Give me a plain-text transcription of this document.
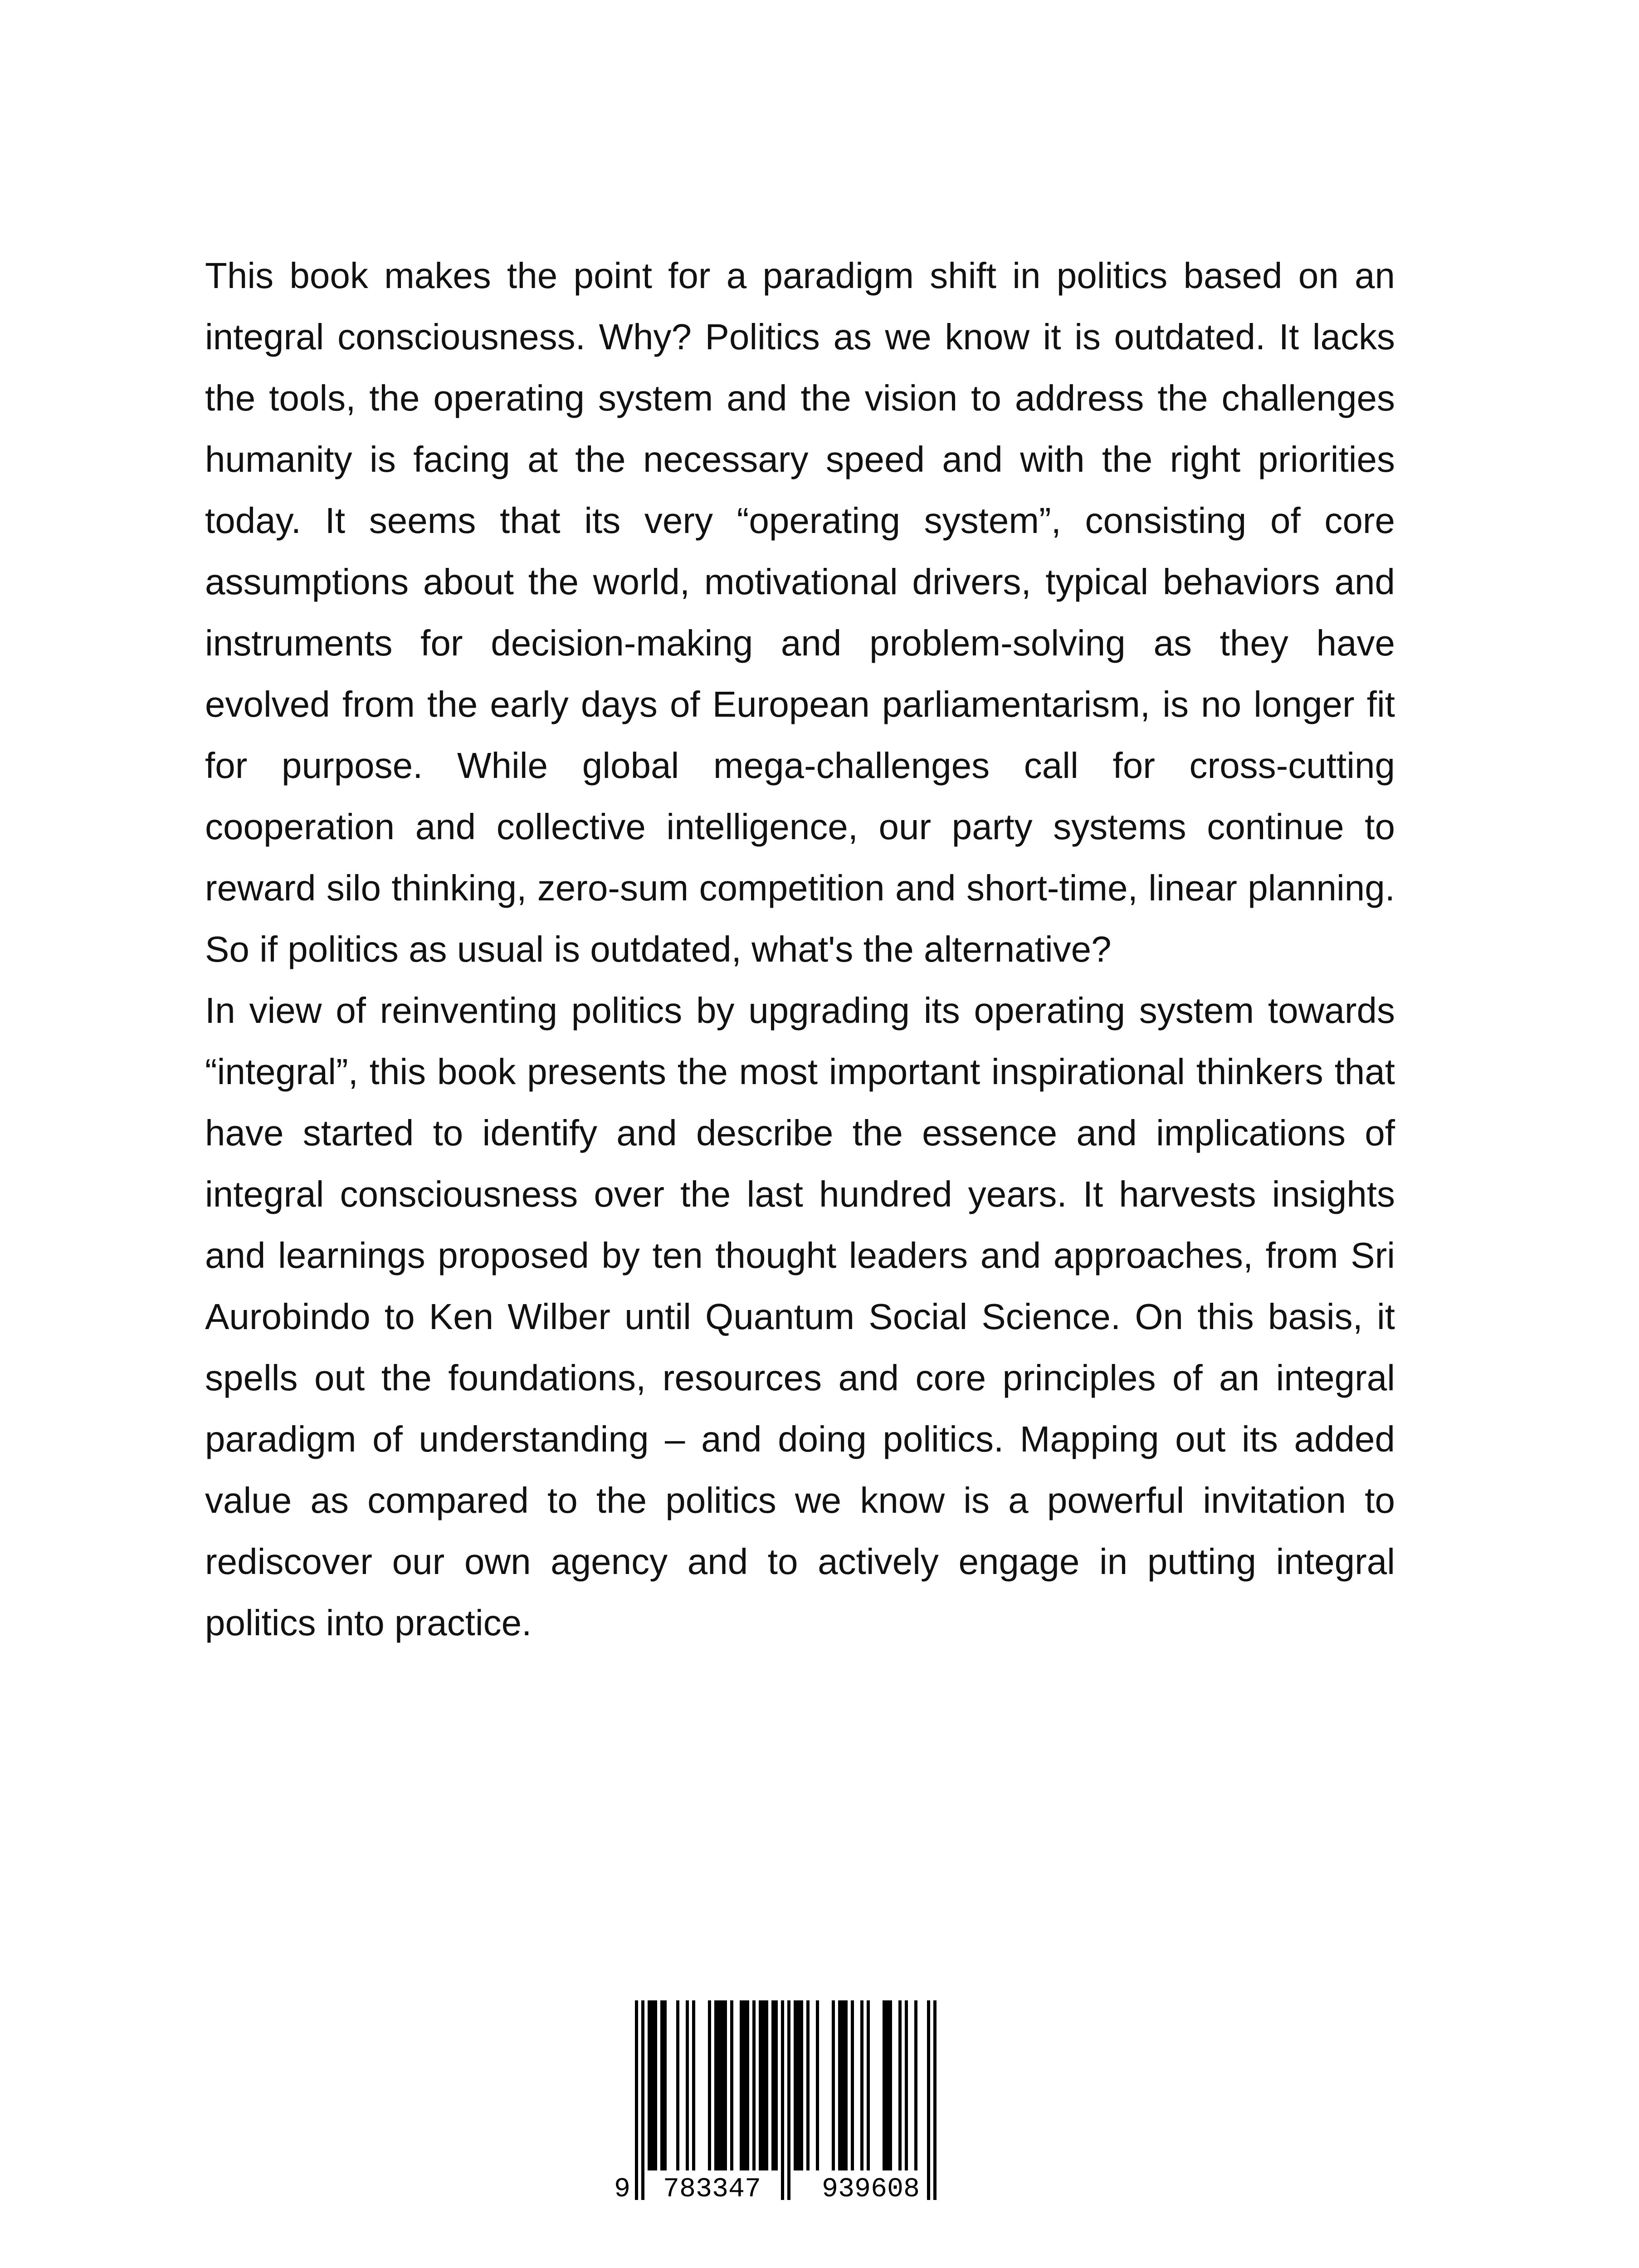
This book makes the point for a paradigm shift in politics based on an integral consciousness. Why? Politics as we know it is outdated. It lacks the tools, the operating system and the vision to address the challenges humanity is facing at the necessary speed and with the right priorities today. It seems that its very “operating system”, consisting of core assumptions about the world, motivational drivers, typical behaviors and instruments for decision-making and problem-solving as they have evolved from the early days of European parliamentarism, is no longer fit for purpose. While global mega-challenges call for cross-cutting cooperation and collective intelligence, our party systems continue to reward silo thinking, zero-sum competition and short-time, linear planning. So if politics as usual is outdated, what's the alternative?

In view of reinventing politics by upgrading its operating system towards “integral”, this book presents the most important inspirational thinkers that have started to identify and describe the essence and implications of integral consciousness over the last hundred years. It harvests insights and learnings proposed by ten thought leaders and approaches, from Sri Aurobindo to Ken Wilber until Quantum Social Science. On this basis, it spells out the foundations, resources and core principles of an integral paradigm of understanding – and doing politics. Mapping out its added value as compared to the politics we know is a powerful invitation to rediscover our own agency and to actively engage in putting integral politics into practice.

9 783347 939608
